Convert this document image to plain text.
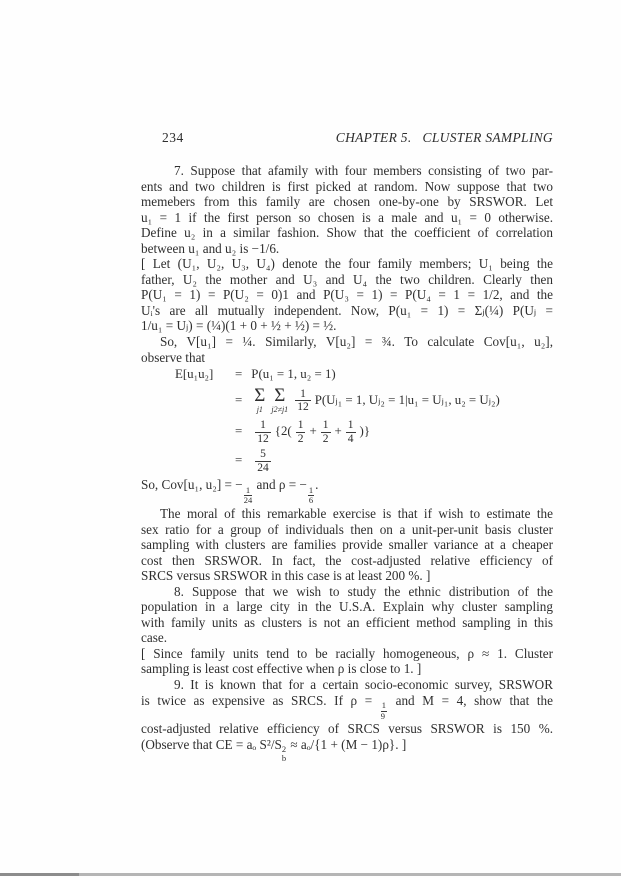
234	CHAPTER 5.   CLUSTER SAMPLING
7. Suppose that afamily with four members consisting of two par-
ents and two children is first picked at random. Now suppose that two
memebers from this family are chosen one-by-one by SRSWOR. Let
u₁ = 1 if the first person so chosen is a male and u₁ = 0 otherwise.
Define u₂ in a similar fashion. Show that the coefficient of correlation
between u₁ and u₂ is −1/6.
[ Let (U₁, U₂, U₃, U₄) denote the four family members; U₁ being the
father, U₂ the mother and U₃ and U₄ the two children. Clearly then
P(U₁ = 1) = P(U₂ = 0)1 and P(U₃ = 1) = P(U₄ = 1 = 1/2, and the
Uᵢ's are all mutually independent. Now, P(u₁ = 1) = Σⱼ(¼) P(Uⱼ =
1/u₁ = Uⱼ) = (¼)(1 + 0 + ½ + ½) = ½.
So, V[u₁] = ¼. Similarly, V[u₂] = ¾. To calculate Cov[u₁, u₂],
observe that
E[u₁u₂]	= P(u₁ = 1, u₂ = 1)
= Σ
j1
Σ
$j2\ne j1 \frac{1}{12}$ P(Uⱼ₁ = 1, Uⱼ₂ = 1|u₁ = Uⱼ₁, u₂ = Uⱼ₂)
=	$\frac{1}{12} \{2( \frac{1}{2} + \frac{1}{2} + \frac{1}{4}$ )}
=	$\frac{5}{24}$
So, Cov[u₁, u₂] = −
$\frac{1}{24}$
and ρ = −
$\frac{1}{6}$
.
The moral of this remarkable exercise is that if wish to estimate the
sex ratio for a group of individuals then on a unit-per-unit basis cluster
sampling with clusters are families provide smaller variance at a cheaper
cost then SRSWOR. In fact, the cost-adjusted relative efficiency of
SRCS versus SRSWOR in this case is at least 200 %. ]
8. Suppose that we wish to study the ethnic distribution of the
population in a large city in the U.S.A. Explain why cluster sampling
with family units as clusters is not an efficient method sampling in this
case.
[ Since family units tend to be racially homogeneous, ρ ≈ 1. Cluster
sampling is least cost effective when ρ is close to 1. ]
9. It is known that for a certain socio-economic survey, SRSWOR
is twice as expensive as SRCS. If ρ =
$\frac{1}{9}$
and M = 4, show that the
cost-adjusted relative efficiency of SRCS versus SRSWOR is 150 %.
(Observe that CE = aₒ S²/S 2
b
≈ aₒ/{1 + (M − 1)ρ}. ]
